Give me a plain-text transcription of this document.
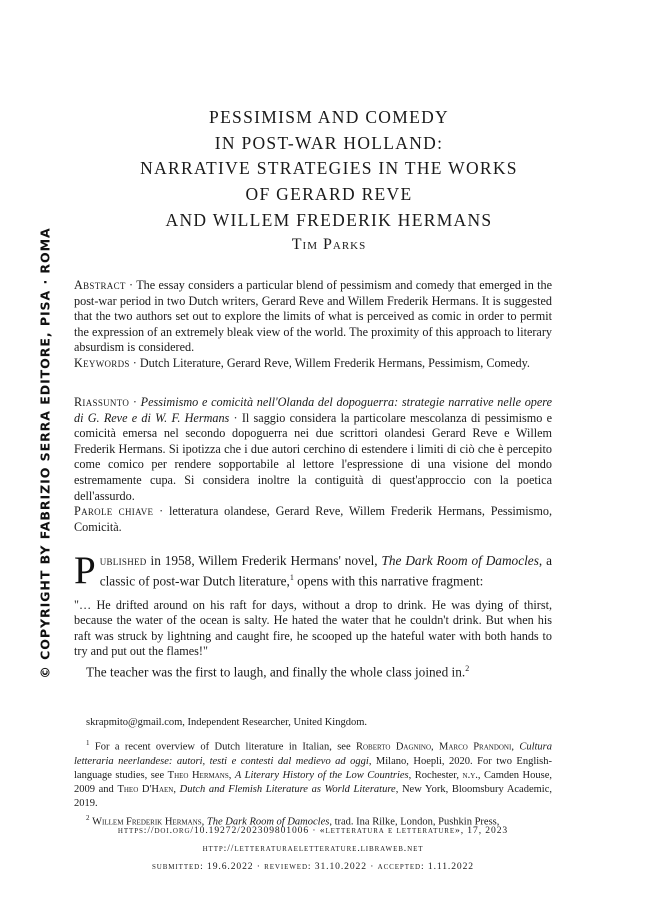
© COPYRIGHT BY FABRIZIO SERRA EDITORE, PISA · ROMA
PESSIMISM AND COMEDY
IN POST-WAR HOLLAND:
NARRATIVE STRATEGIES IN THE WORKS
OF GERARD REVE
AND WILLEM FREDERIK HERMANS
Tim Parks
Abstract · The essay considers a particular blend of pessimism and comedy that emerged in the post-war period in two Dutch writers, Gerard Reve and Willem Frederik Hermans. It is suggested that the two authors set out to explore the limits of what is perceived as comic in order to permit the expression of an extremely bleak view of the world. The proximity of this approach to literary absurdism is considered.
Keywords · Dutch Literature, Gerard Reve, Willem Frederik Hermans, Pessimism, Comedy.
Riassunto · Pessimismo e comicità nell'Olanda del dopoguerra: strategie narrative nelle opere di G. Reve e di W. F. Hermans · Il saggio considera la particolare mescolanza di pessimismo e comicità emersa nel secondo dopoguerra nei due scrittori olandesi Gerard Reve e Willem Frederik Hermans. Si ipotizza che i due autori cerchino di estendere i limiti di ciò che è percepito come comico per rendere sopportabile al lettore l'espressione di una visione del mondo estremamente cupa. Si considera inoltre la contiguità di quest'approccio con la poetica dell'assurdo.
Parole chiave · letteratura olandese, Gerard Reve, Willem Frederik Hermans, Pessimismo, Comicità.
Published in 1958, Willem Frederik Hermans' novel, The Dark Room of Damocles, a classic of post-war Dutch literature,$^1$ opens with this narrative fragment:
"… He drifted around on his raft for days, without a drop to drink. He was dying of thirst, because the water of the ocean is salty. He hated the water that he couldn't drink. But when his raft was struck by lightning and caught fire, he scooped up the hateful water with both hands to try and put out the flames!"
The teacher was the first to laugh, and finally the whole class joined in.$^2$
skrapmito@gmail.com, Independent Researcher, United Kingdom.
$^1$ For a recent overview of Dutch literature in Italian, see Roberto Dagnino, Marco Prandoni, Cultura letteraria neerlandese: autori, testi e contesti dal medievo ad oggi, Milano, Hoepli, 2020. For two English-language studies, see Theo Hermans, A Literary History of the Low Countries, Rochester, n.y., Camden House, 2009 and Theo D'Haen, Dutch and Flemish Literature as World Literature, New York, Bloomsbury Academic, 2019.
$^2$ Willem Frederik Hermans, The Dark Room of Damocles, trad. Ina Rilke, London, Pushkin Press,
https://doi.org/10.19272/202309801006 · «letteratura e letterature», 17, 2023
http://letteraturaeletterature.libraweb.net
submitted: 19.6.2022 · reviewed: 31.10.2022 · accepted: 1.11.2022
